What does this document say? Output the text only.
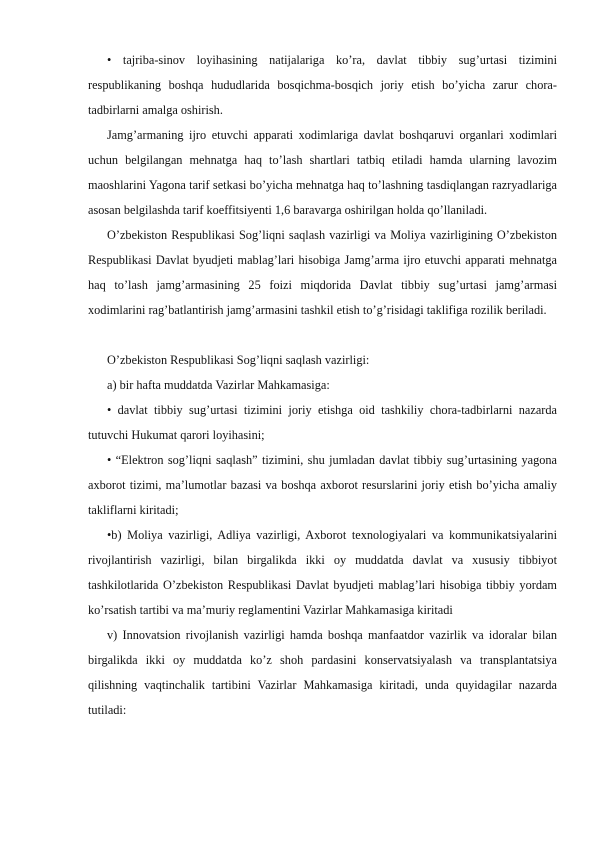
• tajriba-sinov loyihasining natijalariga ko’ra, davlat tibbiy sug’urtasi tizimini respublikaning boshqa hududlarida bosqichma-bosqich joriy etish bo’yicha zarur chora-tadbirlarni amalga oshirish.

Jamg’armaning ijro etuvchi apparati xodimlariga davlat boshqaruvi organlari xodimlari uchun belgilangan mehnatga haq to’lash shartlari tatbiq etiladi hamda ularning lavozim maoshlarini Yagona tarif setkasi bo’yicha mehnatga haq to’lashning tasdiqlangan razryadlariga asosan belgilashda tarif koeffitsiyenti 1,6 baravarga oshirilgan holda qo’llaniladi.

O’zbekiston Respublikasi Sog’liqni saqlash vazirligi va Moliya vazirligining O’zbekiston Respublikasi Davlat byudjeti mablag’lari hisobiga Jamg’arma ijro etuvchi apparati mehnatga haq to’lash jamg’armasining 25 foizi miqdorida Davlat tibbiy sug’urtasi jamg’armasi xodimlarini rag’batlantirish jamg’armasini tashkil etish to’g’risidagi taklifiga rozilik beriladi.

O’zbekiston Respublikasi Sog’liqni saqlash vazirligi:

a) bir hafta muddatda Vazirlar Mahkamasiga:

• davlat tibbiy sug’urtasi tizimini joriy etishga oid tashkiliy chora-tadbirlarni nazarda tutuvchi Hukumat qarori loyihasini;

• “Elektron sog’liqni saqlash” tizimini, shu jumladan davlat tibbiy sug’urtasining yagona axborot tizimi, ma’lumotlar bazasi va boshqa axborot resurslarini joriy etish bo’yicha amaliy takliflarni kiritadi;

•b) Moliya vazirligi, Adliya vazirligi, Axborot texnologiyalari va kommunikatsiyalarini rivojlantirish vazirligi, bilan birgalikda ikki oy muddatda davlat va xususiy tibbiyot tashkilotlarida O’zbekiston Respublikasi Davlat byudjeti mablag’lari hisobiga tibbiy yordam ko’rsatish tartibi va ma’muriy reglamentini Vazirlar Mahkamasiga kiritadi

v) Innovatsion rivojlanish vazirligi hamda boshqa manfaatdor vazirlik va idoralar bilan birgalikda ikki oy muddatda ko’z shoh pardasini konservatsiyalash va transplantatsiya qilishning vaqtinchalik tartibini Vazirlar Mahkamasiga kiritadi, unda quyidagilar nazarda tutiladi:
